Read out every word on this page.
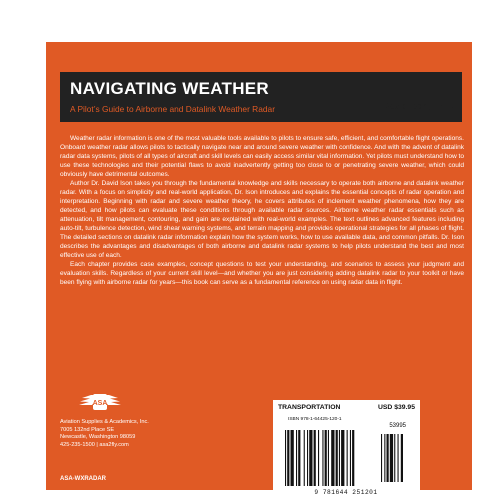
NAVIGATING WEATHER
A Pilot’s Guide to Airborne and Datalink Weather Radar	David Ison, Ph.D.

Weather radar information is one of the most valuable tools available to pilots to ensure safe, efficient, and comfortable flight operations. Onboard weather radar allows pilots to tactically navigate near and around severe weather with confidence. And with the advent of datalink radar data systems, pilots of all types of aircraft and skill levels can easily access similar vital information. Yet pilots must understand how to use these technologies and their potential flaws to avoid inadvertently getting too close to or penetrating severe weather, which could obviously have detrimental outcomes.

Author Dr. David Ison takes you through the fundamental knowledge and skills necessary to operate both airborne and datalink weather radar. With a focus on simplicity and real-world application, Dr. Ison introduces and explains the essential concepts of radar operation and interpretation. Beginning with radar and severe weather theory, he covers attributes of inclement weather phenomena, how they are detected, and how pilots can evaluate these conditions through available radar sources. Airborne weather radar essentials such as attenuation, tilt management, contouring, and gain are explained with real-world examples. The text outlines advanced features including auto-tilt, turbulence detection, wind shear warning systems, and terrain mapping and provides operational strategies for all phases of flight. The detailed sections on datalink radar information explain how the system works, how to use available data, and common pitfalls. Dr. Ison describes the advantages and disadvantages of both airborne and datalink radar systems to help pilots understand the best and most effective use of each.

Each chapter provides case examples, concept questions to test your understanding, and scenarios to assess your judgment and evaluation skills. Regardless of your current skill level—and whether you are just considering adding datalink radar to your toolkit or have been flying with airborne radar for years—this book can serve as a fundamental reference on using radar data in flight.

ASA
Aviation Supplies & Academics, Inc.
7005 132nd Place SE
Newcastle, Washington 98059
425-235-1500 | asa2fly.com
ASA-WXRADAR
TRANSPORTATION	USD $39.95
ISBN 978-1-64425-120-1
53995
9 781644 251201
